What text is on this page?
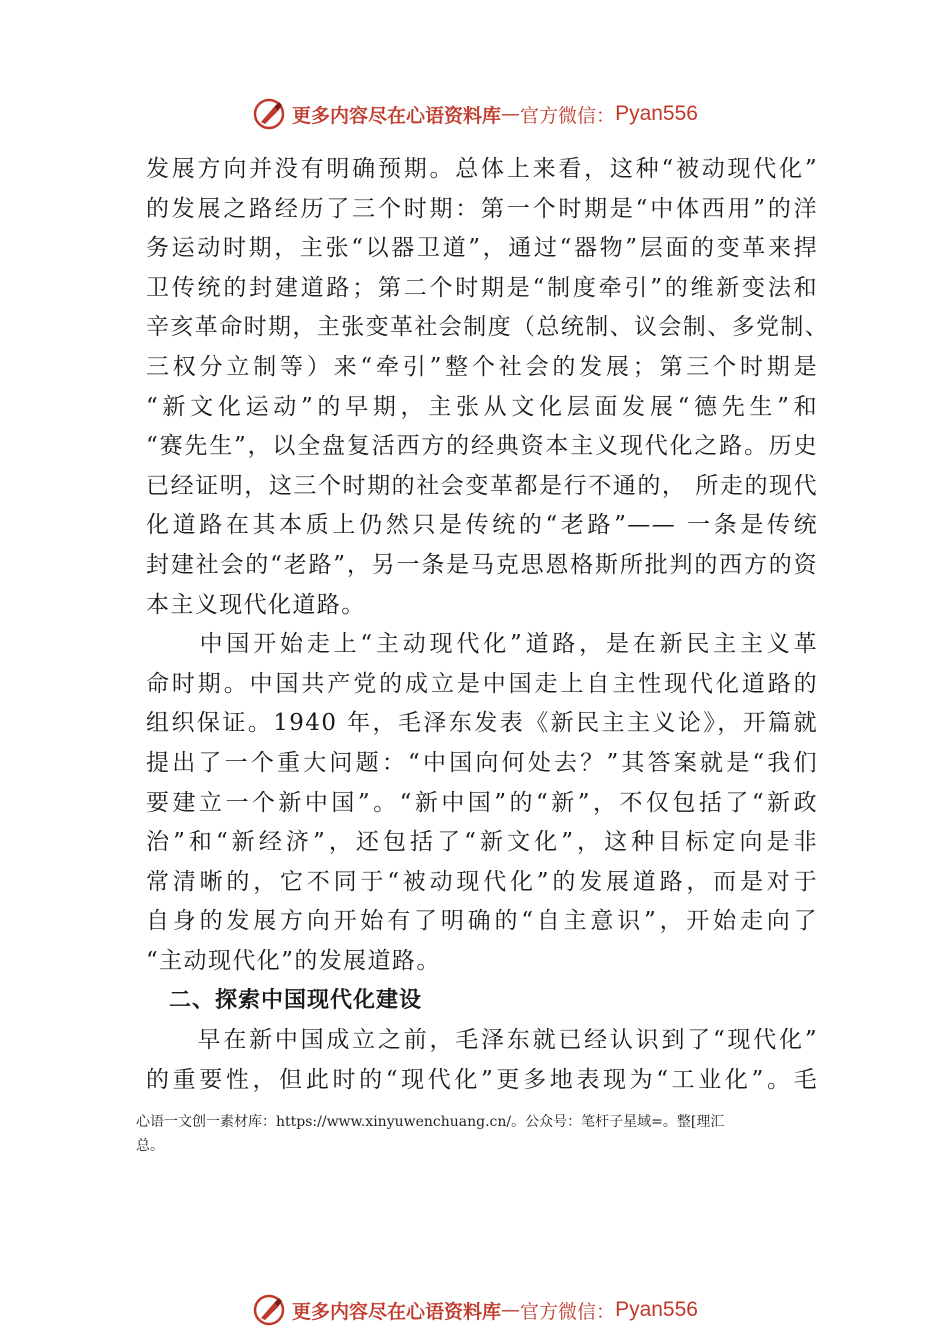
更多内容尽在心语资料库 — 官方微信： Pyan556
发展方向并没有明确预期。总体上来看，这种“被动现代化”
的发展之路经历了三个时期：第一个时期是“中体西用”的洋
务运动时期，主张“以器卫道”，通过“器物”层面的变革来捍
卫传统的封建道路；第二个时期是“制度牵引”的维新变法和
辛亥革命时期，主张变革社会制度（总统制、议会制、多党制、
三权分立制等）来“牵引”整个社会的发展；第三个时期是
“新文化运动”的早期，主张从文化层面发展“德先生”和
“赛先生”，以全盘复活西方的经典资本主义现代化之路。历史
已经证明，这三个时期的社会变革都是行不通的， 所走的现代
化道路在其本质上仍然只是传统的“老路”—— 一条是传统
封建社会的“老路”，另一条是马克思恩格斯所批判的西方的资
本主义现代化道路。
　　中国开始走上“主动现代化”道路，是在新民主主义革
命时期。中国共产党的成立是中国走上自主性现代化道路的
组织保证。1940 年，毛泽东发表《新民主主义论》，开篇就
提出了一个重大问题：“中国向何处去？”其答案就是“我们
要建立一个新中国”。“新中国”的“新”，不仅包括了“新政
治”和“新经济”，还包括了“新文化”，这种目标定向是非
常清晰的，它不同于“被动现代化”的发展道路，而是对于
自身的发展方向开始有了明确的“自主意识”，开始走向了
“主动现代化”的发展道路。
　二、探索中国现代化建设
　　早在新中国成立之前，毛泽东就已经认识到了“现代化”
的重要性，但此时的“现代化”更多地表现为“工业化”。毛
心语一文创一素材库：https://www.xinyuwenchuang.cn/。公众号：笔杆子星域=。整[理汇
总。
更多内容尽在心语资料库 — 官方微信： Pyan556
